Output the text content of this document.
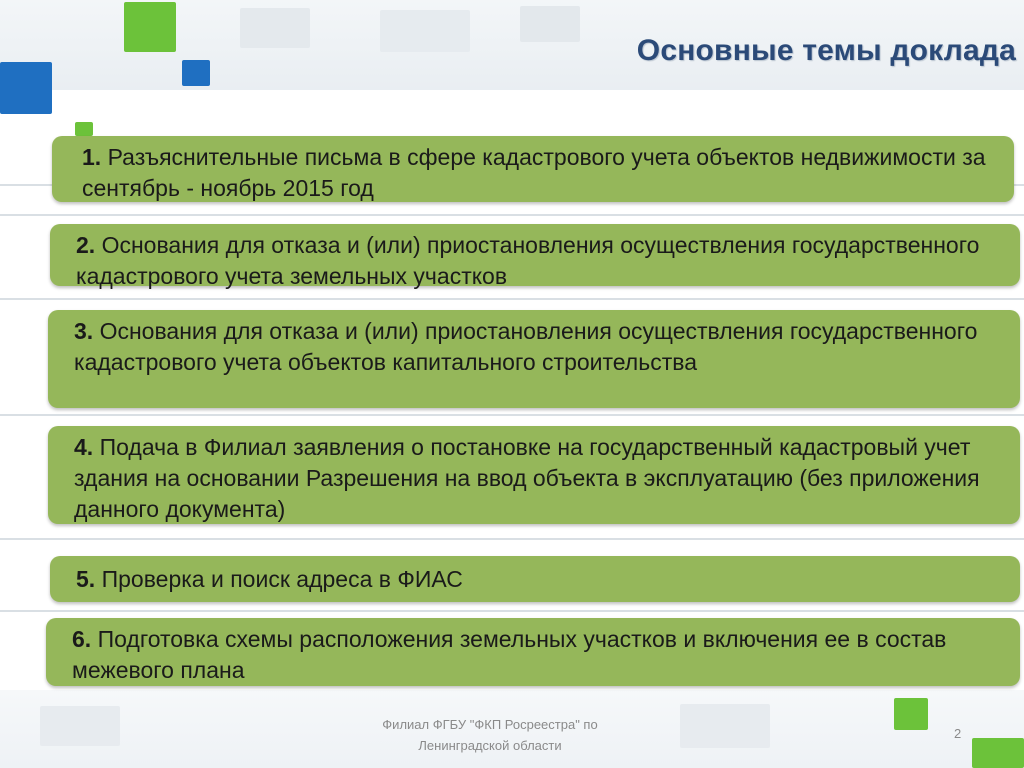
Основные темы доклада
1. Разъяснительные письма в сфере кадастрового учета объектов недвижимости за сентябрь - ноябрь 2015 год
2. Основания для отказа и (или) приостановления осуществления государственного кадастрового учета земельных участков
3. Основания для отказа и (или) приостановления осуществления государственного кадастрового учета объектов капитального строительства
4. Подача в Филиал заявления о постановке на государственный кадастровый учет здания на основании Разрешения на ввод объекта в эксплуатацию (без приложения данного документа)
5. Проверка и поиск адреса в ФИАС
6. Подготовка схемы расположения земельных участков и включения ее в состав межевого плана
Филиал ФГБУ "ФКП Росреестра" по
Ленинградской области
2
